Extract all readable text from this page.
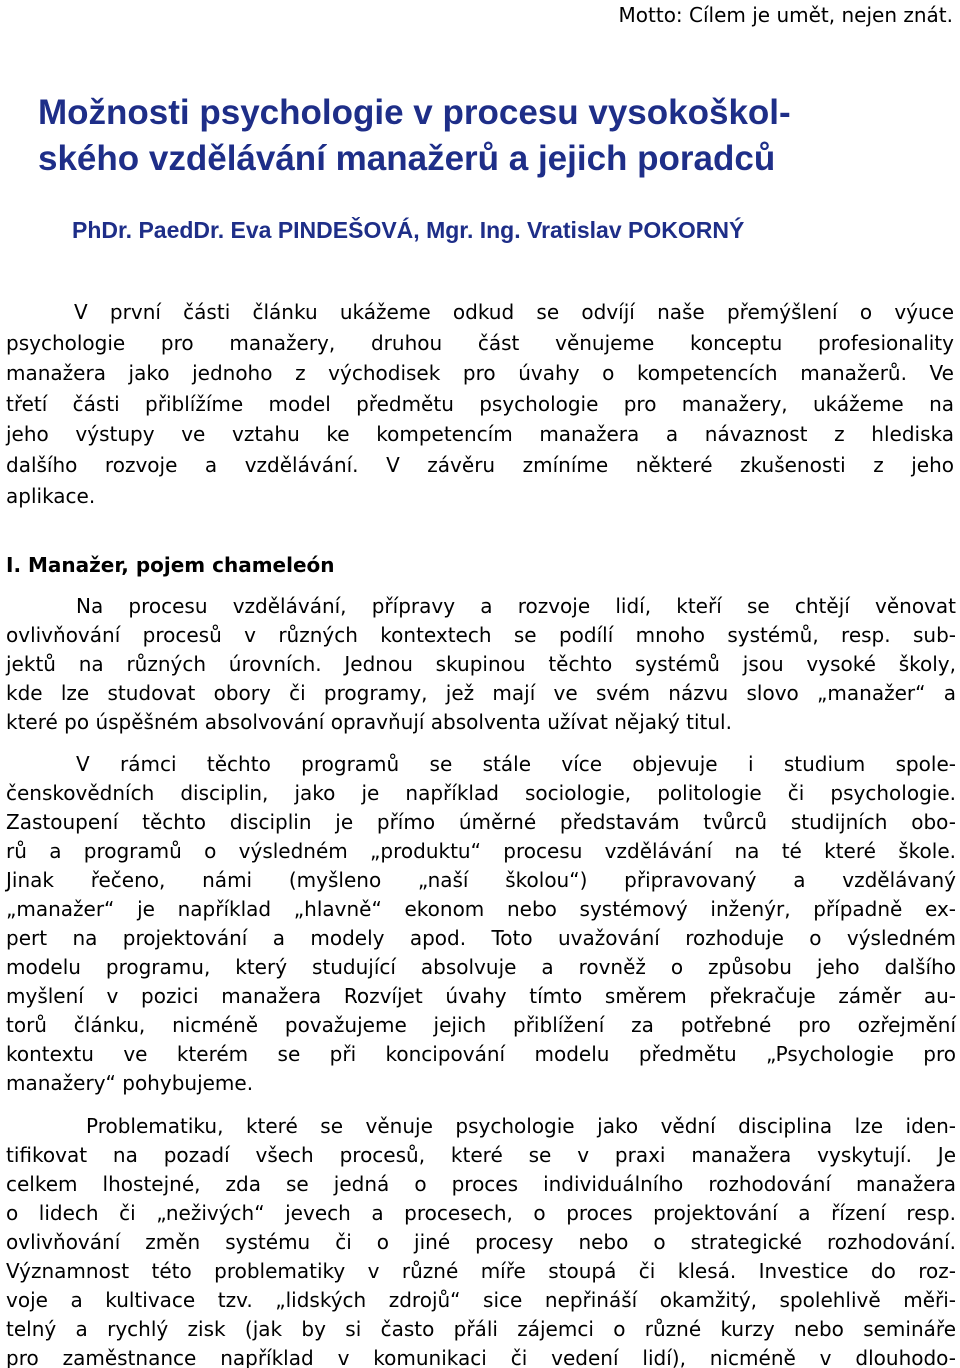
Motto: Cílem je umět, nejen znát.
Možnosti psychologie v procesu vysokoškol-
ského vzdělávání manažerů a jejich poradců
PhDr. PaedDr. Eva PINDEŠOVÁ, Mgr. Ing. Vratislav POKORNÝ
V první části článku ukážeme odkud se odvíjí naše přemýšlení o výuce
psychologie pro manažery, druhou část věnujeme konceptu profesionality
manažera jako jednoho z východisek pro úvahy o kompetencích manažerů. Ve
třetí části přiblížíme model předmětu psychologie pro manažery, ukážeme na
jeho výstupy ve vztahu ke kompetencím manažera a návaznost z hlediska
dalšího rozvoje a vzdělávání. V závěru zmíníme některé zkušenosti z jeho
aplikace.
I. Manažer, pojem chameleón
Na procesu vzdělávání, přípravy a rozvoje lidí, kteří se chtějí věnovat
ovlivňování procesů v různých kontextech se podílí mnoho systémů, resp. sub-
jektů na různých úrovních. Jednou skupinou těchto systémů jsou vysoké školy,
kde lze studovat obory či programy, jež mají ve svém názvu slovo „manažer“ a
které po úspěšném absolvování opravňují absolventa užívat nějaký titul.
V rámci těchto programů se stále více objevuje i studium spole-
čenskovědních disciplin, jako je například sociologie, politologie či psychologie.
Zastoupení těchto disciplin je přímo úměrné představám tvůrců studijních obo-
rů a programů o výsledném „produktu“ procesu vzdělávání na té které škole.
Jinak řečeno, námi (myšleno „naší školou“) připravovaný a vzdělávaný
„manažer“ je například „hlavně“ ekonom nebo systémový inženýr, případně ex-
pert na projektování a modely apod. Toto uvažování rozhoduje o výsledném
modelu programu, který studující absolvuje a rovněž o způsobu jeho dalšího
myšlení v pozici manažera Rozvíjet úvahy tímto směrem překračuje záměr au-
torů článku, nicméně považujeme jejich přiblížení za potřebné pro ozřejmění
kontextu ve kterém se při koncipování modelu předmětu „Psychologie pro
manažery“ pohybujeme.
Problematiku, které se věnuje psychologie jako vědní disciplina lze iden-
tifikovat na pozadí všech procesů, které se v praxi manažera vyskytují. Je
celkem lhostejné, zda se jedná o proces individuálního rozhodování manažera
o lidech či „neživých“ jevech a procesech, o proces projektování a řízení resp.
ovlivňování změn systému či o jiné procesy nebo o strategické rozhodování.
Významnost této problematiky v různé míře stoupá či klesá. Investice do roz-
voje a kultivace tzv. „lidských zdrojů“ sice nepřináší okamžitý, spolehlivě měři-
telný a rychlý zisk (jak by si často přáli zájemci o různé kurzy nebo semináře
pro zaměstnance například v komunikaci či vedení lidí), nicméně v dlouhodo-
